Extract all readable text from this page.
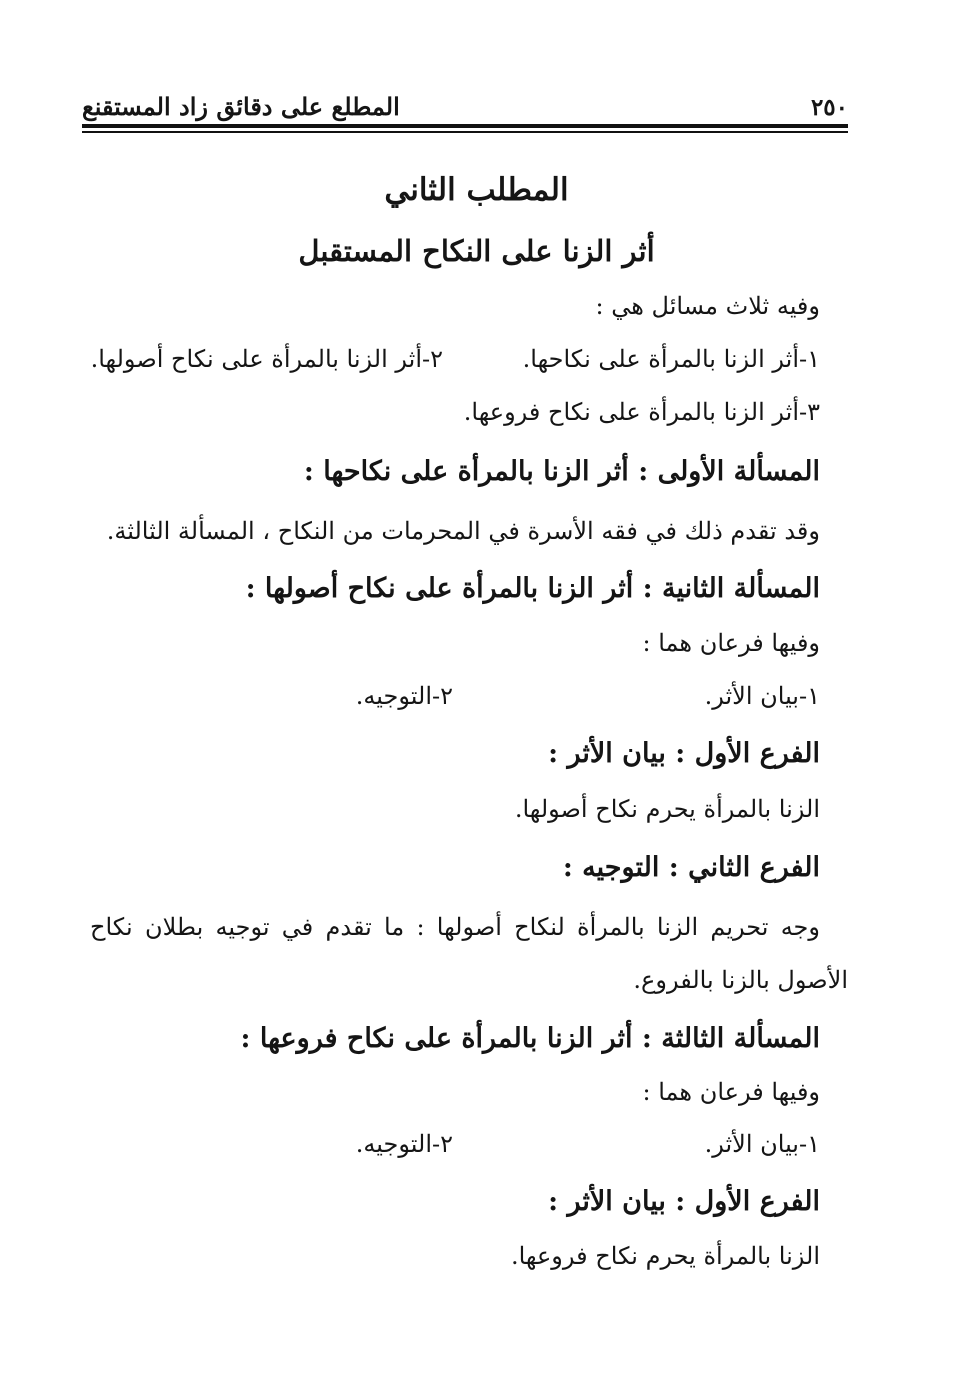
٢٥٠
المطلع على دقائق زاد المستقنع
المطلب الثاني
أثر الزنا على النكاح المستقبل
وفيه ثلاث مسائل هي :
١-أثر الزنا بالمرأة على نكاحها.
٢-أثر الزنا بالمرأة على نكاح أصولها.
٣-أثر الزنا بالمرأة على نكاح فروعها.
المسألة الأولى : أثر الزنا بالمرأة على نكاحها :
وقد تقدم ذلك في فقه الأسرة في المحرمات من النكاح ، المسألة الثالثة.
المسألة الثانية : أثر الزنا بالمرأة على نكاح أصولها :
وفيها فرعان هما :
١-بيان الأثر.
٢-التوجيه.
الفرع الأول : بيان الأثر :
الزنا بالمرأة يحرم نكاح أصولها.
الفرع الثاني : التوجيه :
وجه تحريم الزنا بالمرأة لنكاح أصولها : ما تقدم في توجيه بطلان نكاح
الأصول بالزنا بالفروع.
المسألة الثالثة : أثر الزنا بالمرأة على نكاح فروعها :
وفيها فرعان هما :
١-بيان الأثر.
٢-التوجيه.
الفرع الأول : بيان الأثر :
الزنا بالمرأة يحرم نكاح فروعها.
